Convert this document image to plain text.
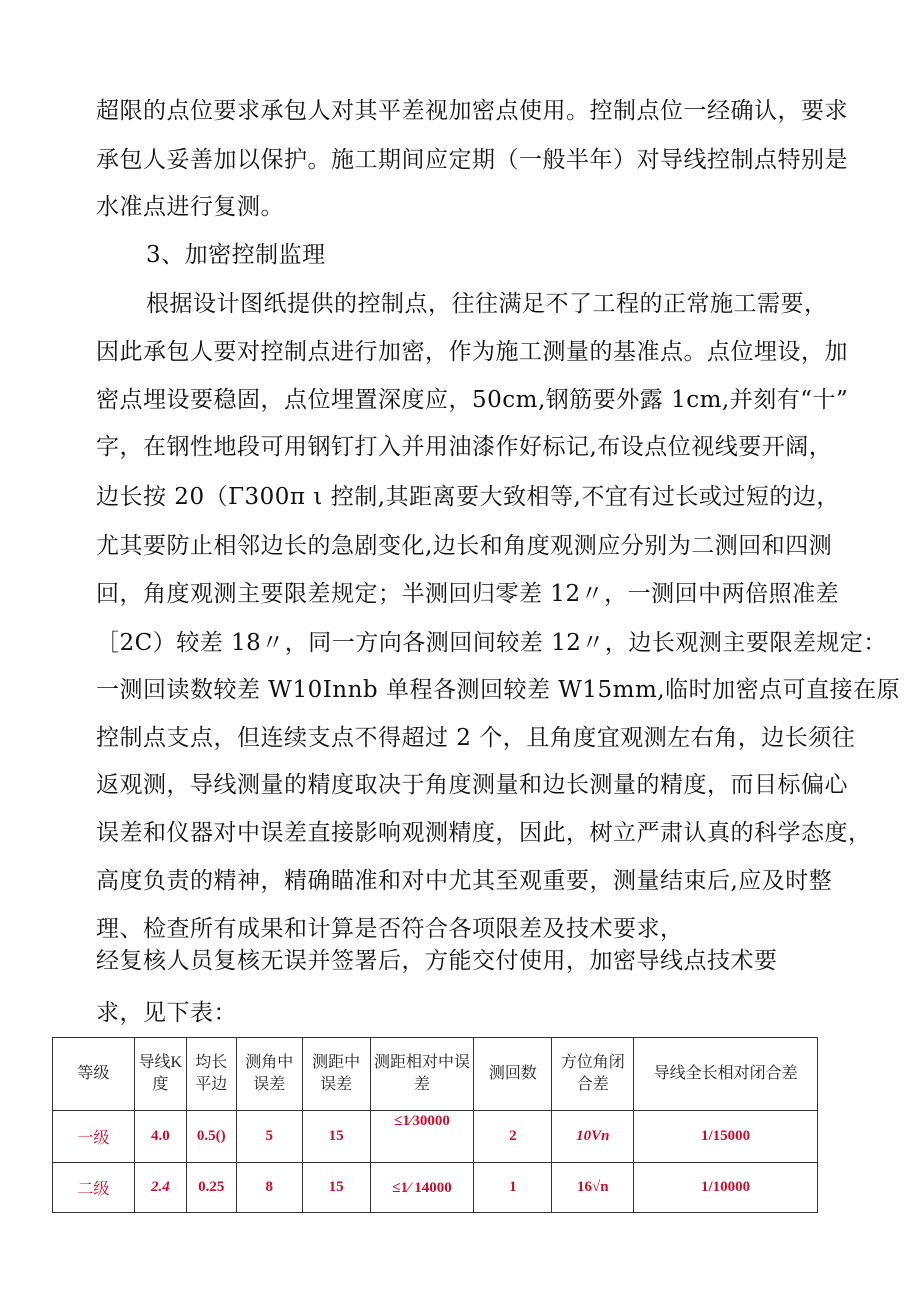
超限的点位要求承包人对其平差视加密点使用。控制点位一经确认，要求
承包人妥善加以保护。施工期间应定期（一般半年）对导线控制点特别是
水准点进行复测。
3、加密控制监理
根据设计图纸提供的控制点，往往满足不了工程的正常施工需要，
因此承包人要对控制点进行加密，作为施工测量的基准点。点位埋设，加
密点埋设要稳固，点位埋置深度应，50cm,钢筋要外露 1cm,并刻有“十”
字，在钢性地段可用钢钉打入并用油漆作好标记,布设点位视线要开阔，
边长按 20（Γ300π ι 控制,其距离要大致相等,不宜有过长或过短的边，
尤其要防止相邻边长的急剧变化,边长和角度观测应分别为二测回和四测
回，角度观测主要限差规定；半测回归零差 12〃，一测回中两倍照准差
［2C）较差 18〃，同一方向各测回间较差 12〃，边长观测主要限差规定：
一测回读数较差 W10Innb 单程各测回较差 W15mm,临时加密点可直接在原
控制点支点，但连续支点不得超过 2 个，且角度宜观测左右角，边长须往
返观测，导线测量的精度取决于角度测量和边长测量的精度，而目标偏心
误差和仪器对中误差直接影响观测精度，因此，树立严肃认真的科学态度，
高度负责的精神，精确瞄准和对中尤其至观重要，测量结束后,应及时整
理、检查所有成果和计算是否符合各项限差及技术要求，
经复核人员复核无误并签署后，方能交付使用，加密导线点技术要
求，见下表：
等级	导线K度	均长平边	测角中误差	测距中误差	测距相对中误差	测回数	方位角闭合差	导线全长相对闭合差
一级	4.0	0.5()	5	15	≤1⁄30000	2	10Vn	1/15000
二级	2.4	0.25	8	15	≤1⁄ 14000	1	16√n	1/10000
